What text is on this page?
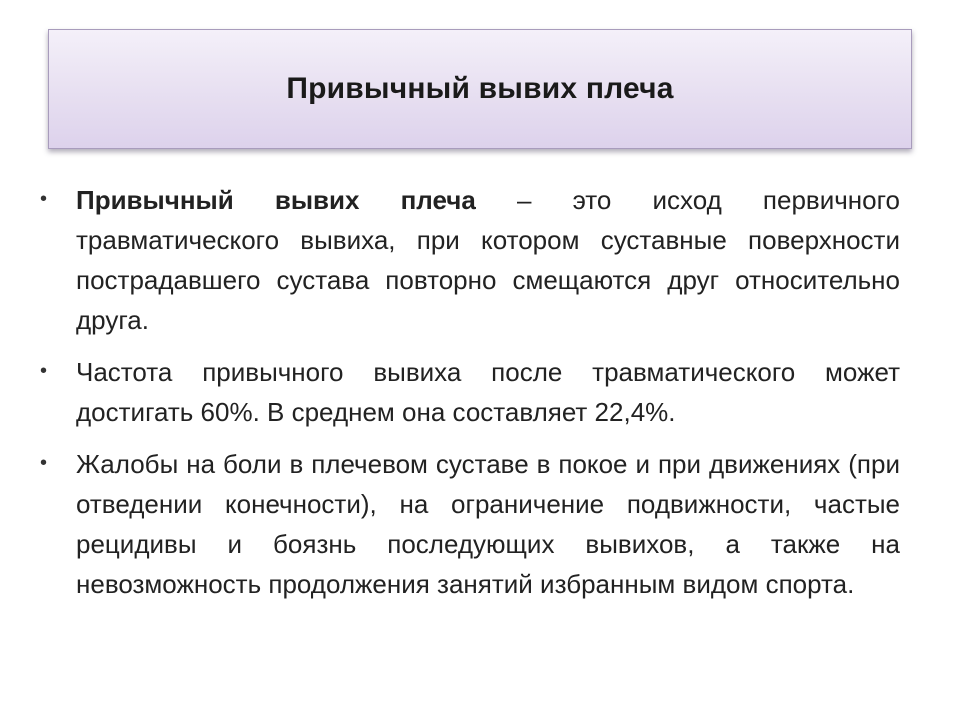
Привычный вывих плеча
• Привычный вывих плеча – это исход первичного травматического вывиха, при котором суставные поверхности пострадавшего сустава повторно смещаются друг относительно друга.
• Частота привычного вывиха после травматического может достигать 60%. В среднем она составляет 22,4%.
• Жалобы на боли в плечевом суставе в покое и при движениях (при отведении конечности), на ограничение подвижности, частые рецидивы и боязнь последующих вывихов, а также на невозможность продолжения занятий избранным видом спорта.
